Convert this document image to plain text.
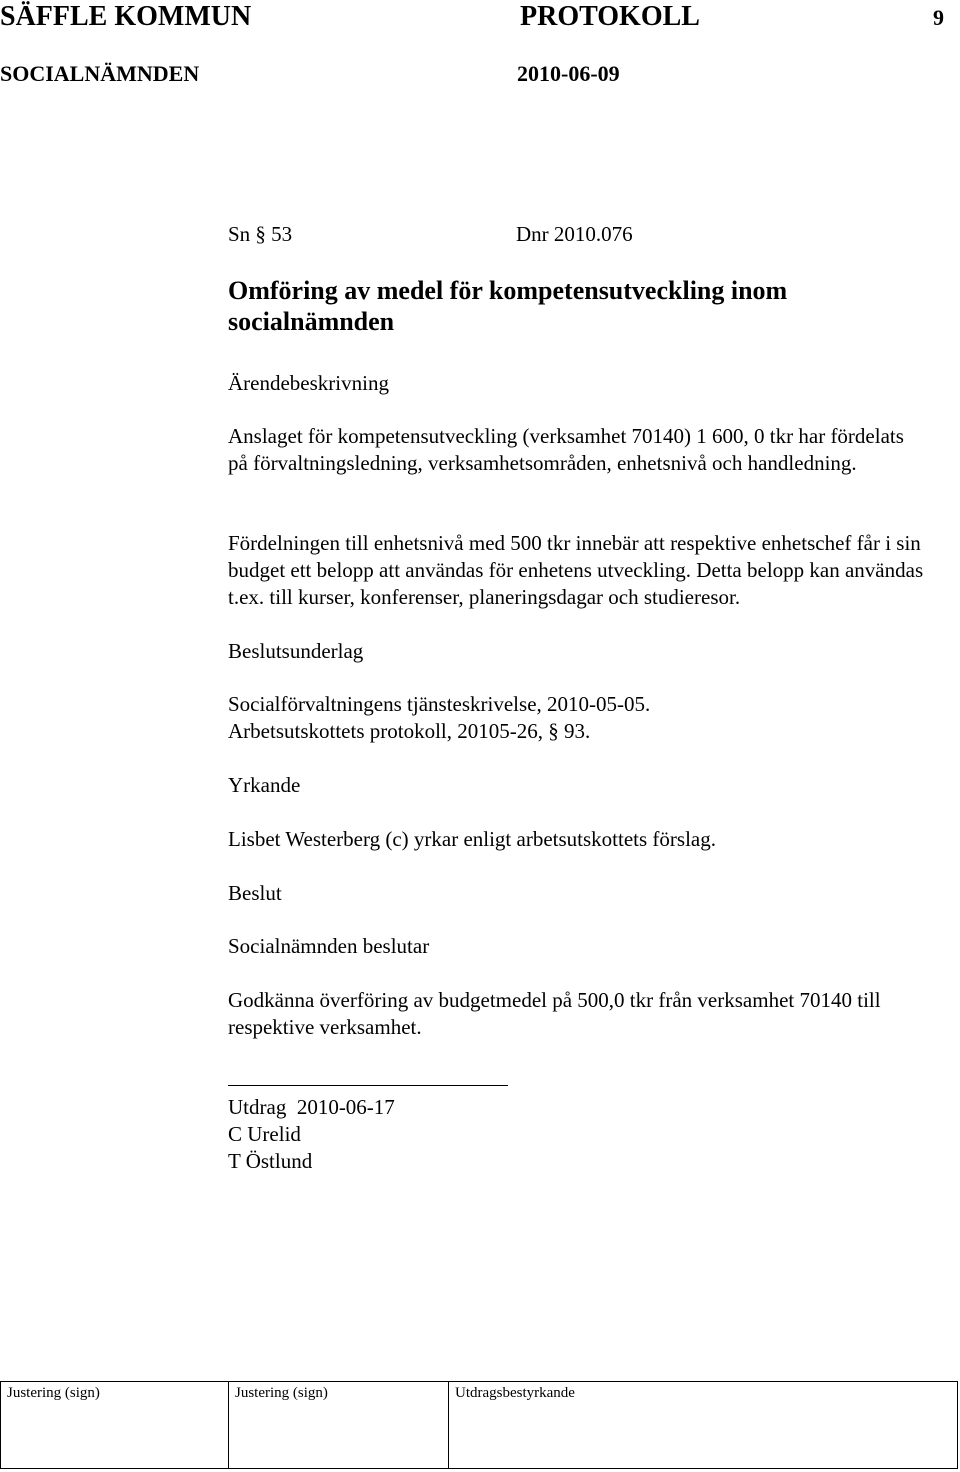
SÄFFLE KOMMUN	PROTOKOLL	9
SOCIALNÄMNDEN	2010-06-09
Sn § 53	Dnr 2010.076
Omföring av medel för kompetensutveckling inom socialnämnden
Ärendebeskrivning

Anslaget för kompetensutveckling (verksamhet 70140) 1 600, 0 tkr har fördelats på förvaltningsledning, verksamhetsområden, enhetsnivå och handledning.

Fördelningen till enhetsnivå med 500 tkr innebär att respektive enhetschef får i sin budget ett belopp att användas för enhetens utveckling. Detta belopp kan användas t.ex. till kurser, konferenser, planeringsdagar och studieresor.

Beslutsunderlag
Socialförvaltningens tjänsteskrivelse, 2010-05-05.
Arbetsutskottets protokoll, 20105-26, § 93.
Yrkande
Lisbet Westerberg (c) yrkar enligt arbetsutskottets förslag.
Beslut
Socialnämnden beslutar

Godkänna överföring av budgetmedel på 500,0 tkr från verksamhet 70140 till respektive verksamhet.

Utdrag  2010-06-17
C Urelid
T Östlund
Justering (sign)	Justering (sign)	Utdragsbestyrkande
